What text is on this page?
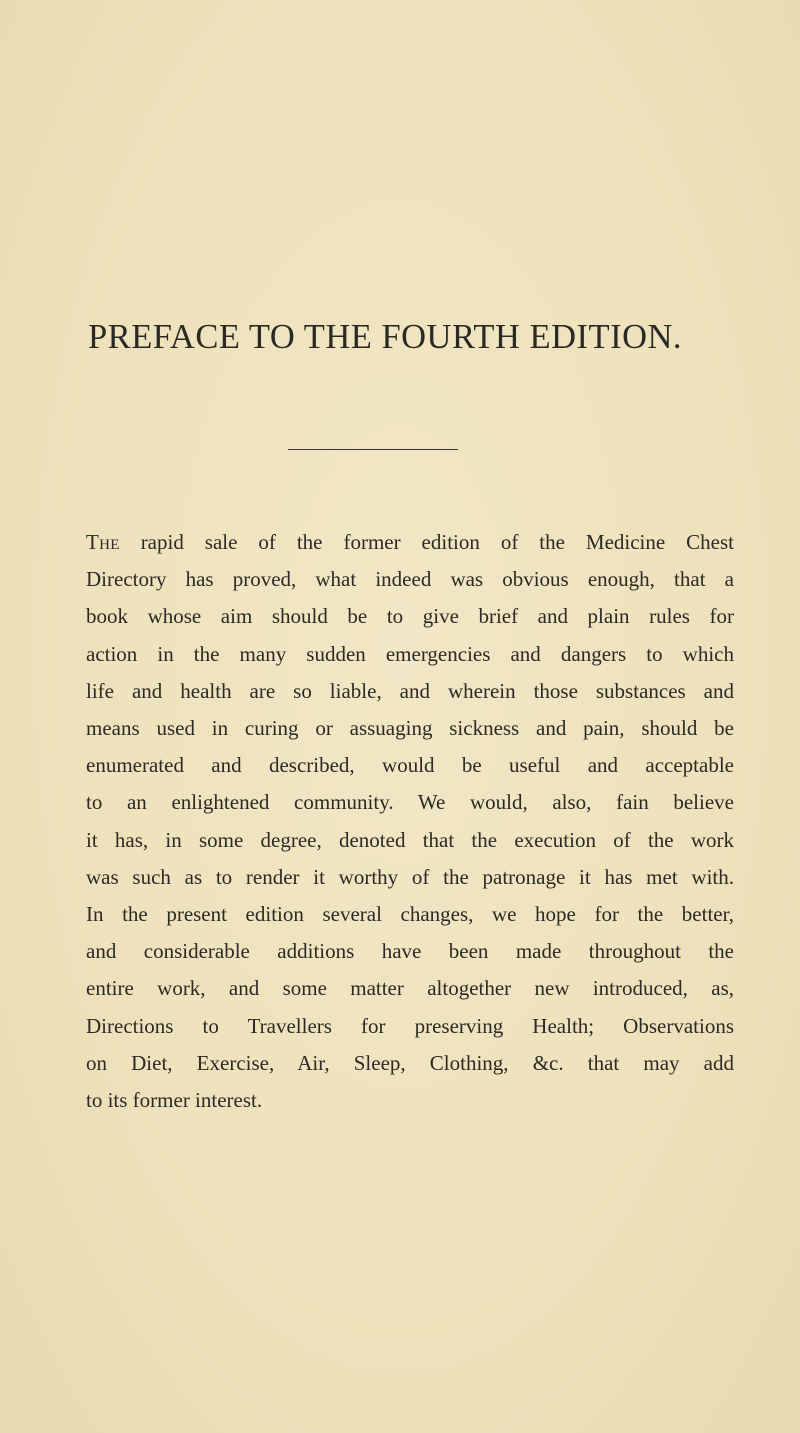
PREFACE TO THE FOURTH EDITION.
The rapid sale of the former edition of the Medicine Chest
Directory has proved, what indeed was obvious enough, that a
book whose aim should be to give brief and plain rules for
action in the many sudden emergencies and dangers to which
life and health are so liable, and wherein those substances and
means used in curing or assuaging sickness and pain, should be
enumerated and described, would be useful and acceptable
to an enlightened community. We would, also, fain believe
it has, in some degree, denoted that the execution of the work
was such as to render it worthy of the patronage it has met with.
In the present edition several changes, we hope for the better,
and considerable additions have been made throughout the
entire work, and some matter altogether new introduced, as,
Directions to Travellers for preserving Health; Observations
on Diet, Exercise, Air, Sleep, Clothing, &c. that may add
to its former interest.
